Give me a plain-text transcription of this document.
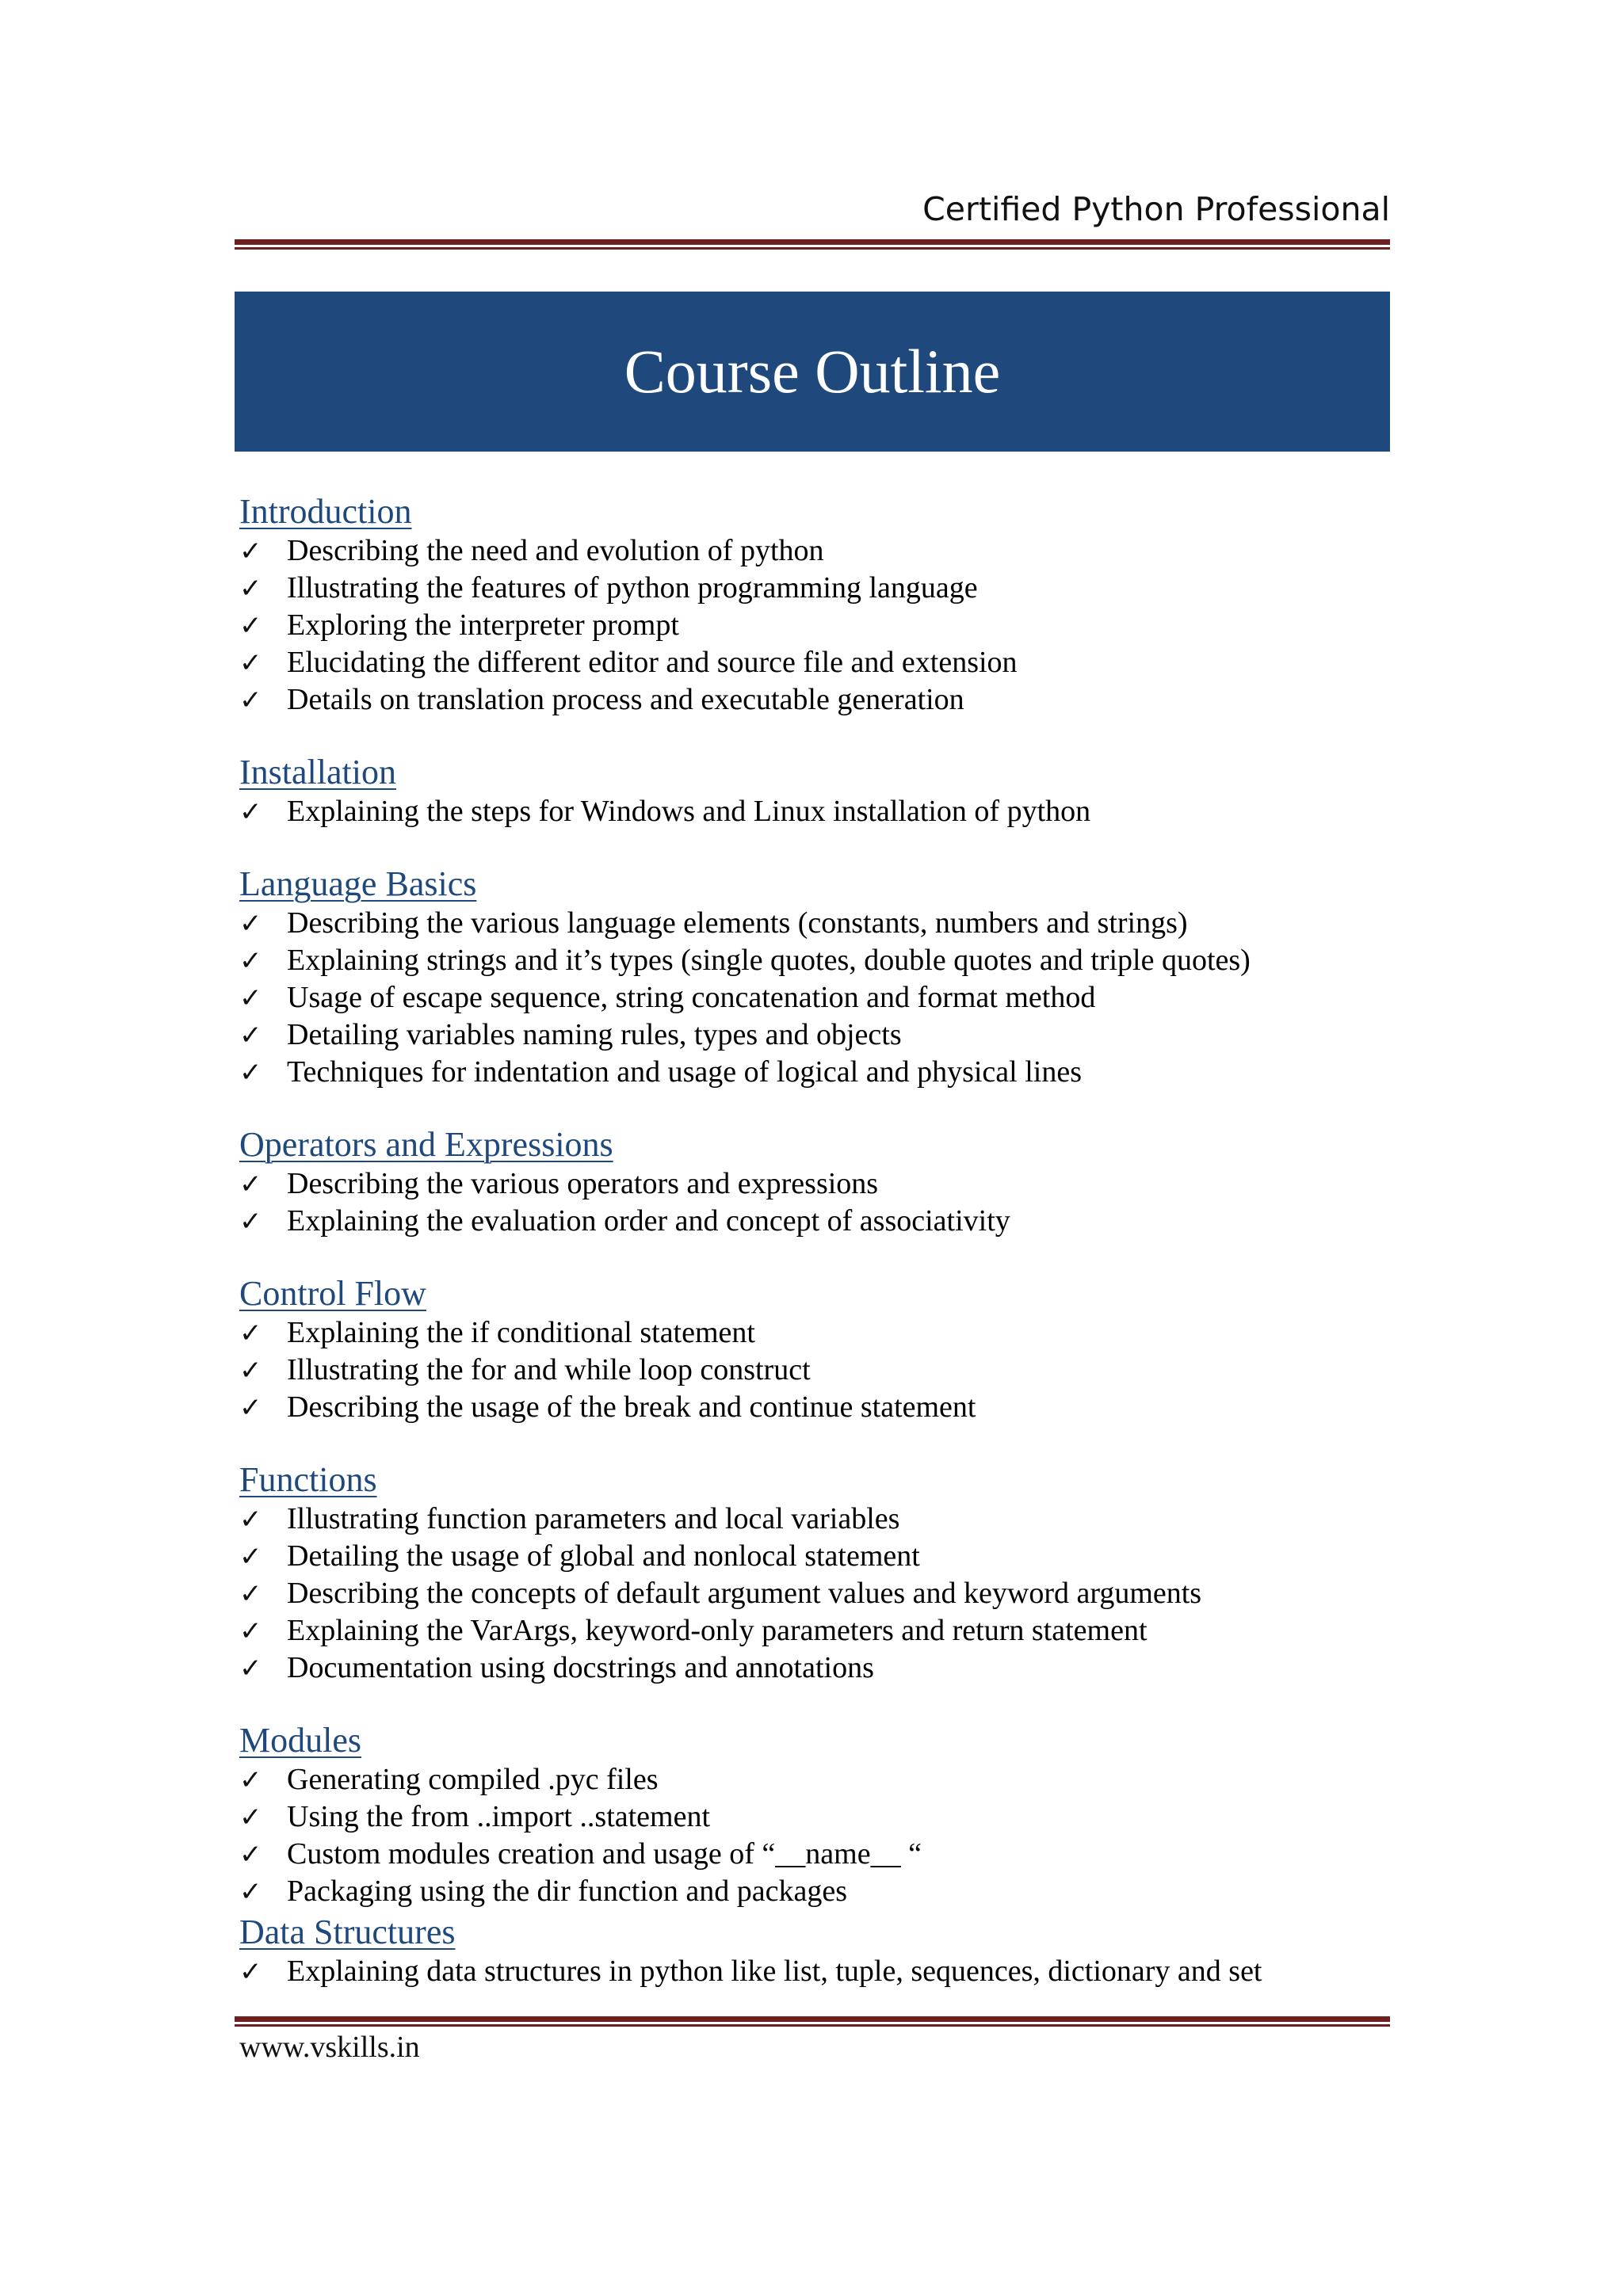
Certified Python Professional
Course Outline
Introduction
✓ Describing the need and evolution of python
✓ Illustrating the features of python programming language
✓ Exploring the interpreter prompt
✓ Elucidating the different editor and source file and extension
✓ Details on translation process and executable generation
Installation
✓ Explaining the steps for Windows and Linux installation of python
Language Basics
✓ Describing the various language elements (constants, numbers and strings)
✓ Explaining strings and it’s types (single quotes, double quotes and triple quotes)
✓ Usage of escape sequence, string concatenation and format method
✓ Detailing variables naming rules, types and objects
✓ Techniques for indentation and usage of logical and physical lines
Operators and Expressions
✓ Describing the various operators and expressions
✓ Explaining the evaluation order and concept of associativity
Control Flow
✓ Explaining the if conditional statement
✓ Illustrating the for and while loop construct
✓ Describing the usage of the break and continue statement
Functions
✓ Illustrating function parameters and local variables
✓ Detailing the usage of global and nonlocal statement
✓ Describing the concepts of default argument values and keyword arguments
✓ Explaining the VarArgs, keyword-only parameters and return statement
✓ Documentation using docstrings and annotations
Modules
✓ Generating compiled .pyc files
✓ Using the from ..import ..statement
✓ Custom modules creation and usage of “__name__ “
✓ Packaging using the dir function and packages
Data Structures
✓ Explaining data structures in python like list, tuple, sequences, dictionary and set
www.vskills.in
